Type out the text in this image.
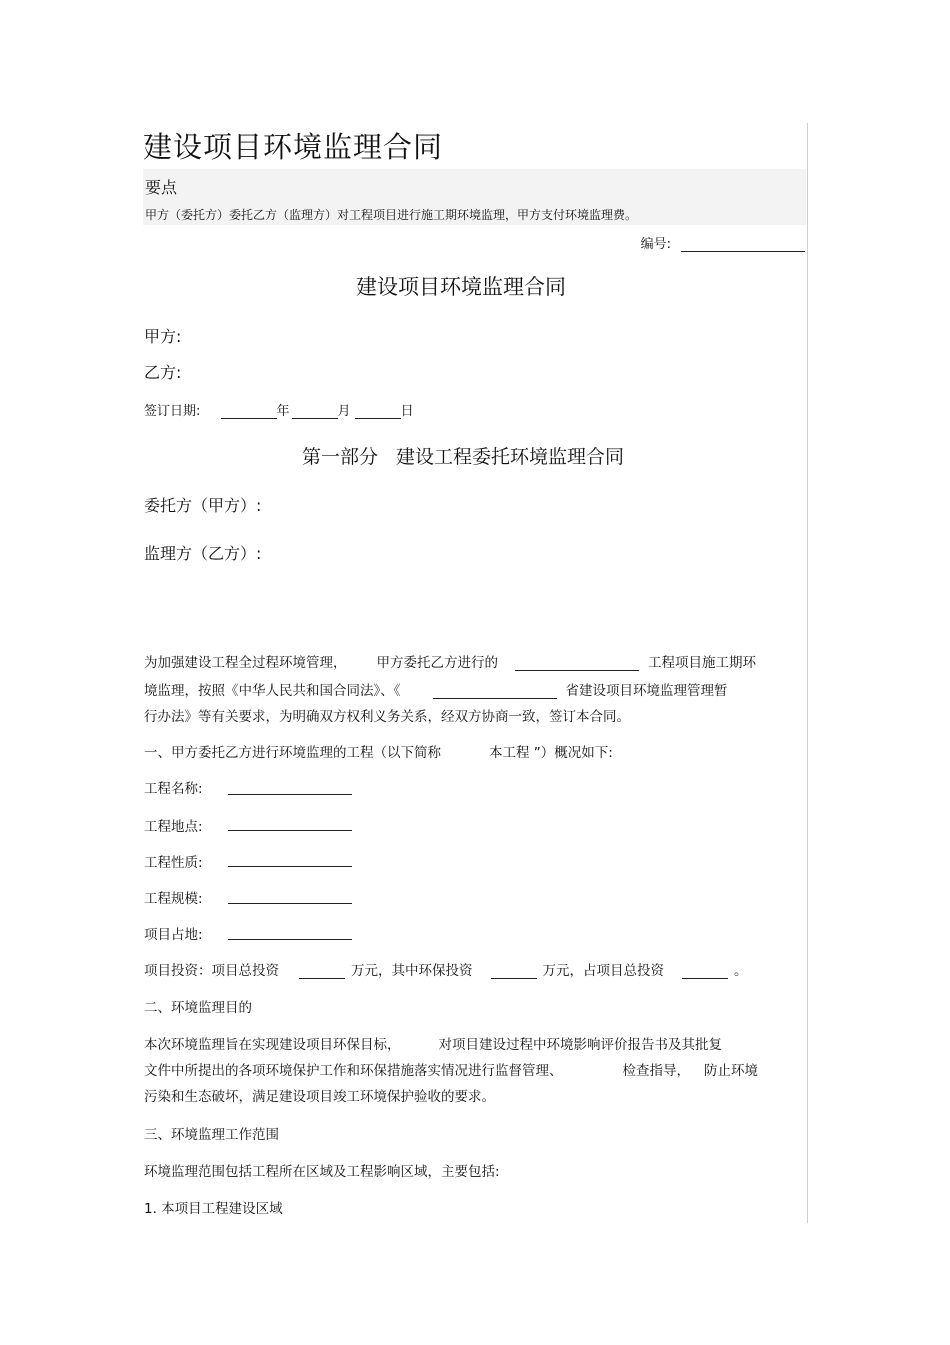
建设项目环境监理合同
要点
甲方（委托方）委托乙方（监理方）对工程项目进行施工期环境监理，甲方支付环境监理费。
编号:
建设项目环境监理合同
甲方:
乙方:
签订日期:	年	月	日
第一部分   建设工程委托环境监理合同
委托方（甲方）:
监理方（乙方）:
为加强建设工程全过程环境管理， 甲方委托乙方进行的	工程项目施工期环
境监理，按照《中华人民共和国合同法》、《	省建设项目环境监理管理暂
行办法》等有关要求，为明确双方权利义务关系，经双方协商一致，签订本合同。
一、甲方委托乙方进行环境监理的工程（以下简称	本工程 ”）概况如下:
工程名称:
工程地点:
工程性质:
工程规模:
项目占地:
项目投资：项目总投资	万元，其中环保投资	万元，占项目总投资	。
二、环境监理目的
本次环境监理旨在实现建设项目环保目标，	对项目建设过程中环境影响评价报告书及其批复
文件中所提出的各项环境保护工作和环保措施落实情况进行监督管理、	检查指导， 防止环境
污染和生态破坏，满足建设项目竣工环境保护验收的要求。
三、环境监理工作范围
环境监理范围包括工程所在区域及工程影响区域，主要包括:
1. 本项目工程建设区域
